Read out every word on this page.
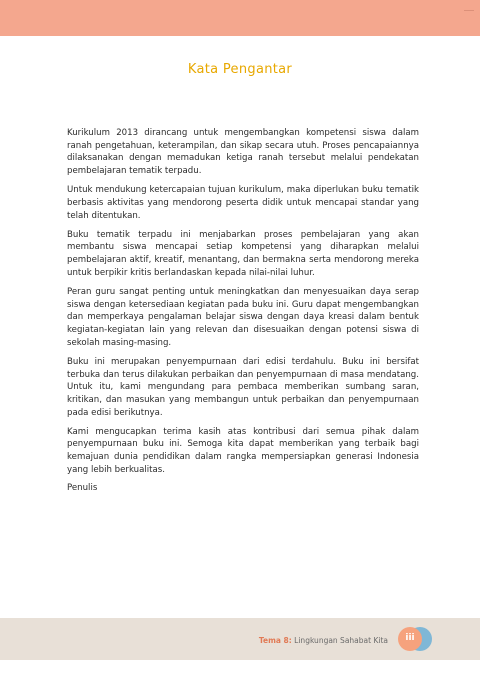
Kata Pengantar

Kurikulum 2013 dirancang untuk mengembangkan kompetensi siswa dalam ranah pengetahuan, keterampilan, dan sikap secara utuh. Proses pencapaiannya dilaksanakan dengan memadukan ketiga ranah tersebut melalui pendekatan pembelajaran tematik terpadu.

Untuk mendukung ketercapaian tujuan kurikulum, maka diperlukan buku tematik berbasis aktivitas yang mendorong peserta didik untuk mencapai standar yang telah ditentukan.

Buku tematik terpadu ini menjabarkan proses pembelajaran yang akan membantu siswa mencapai setiap kompetensi yang diharapkan melalui pembelajaran aktif, kreatif, menantang, dan bermakna serta mendorong mereka untuk berpikir kritis berlandaskan kepada nilai-nilai luhur.

Peran guru sangat penting untuk meningkatkan dan menyesuaikan daya serap siswa dengan ketersediaan kegiatan pada buku ini. Guru dapat mengembangkan dan memperkaya pengalaman belajar siswa dengan daya kreasi dalam bentuk kegiatan-kegiatan lain yang relevan dan disesuaikan dengan potensi siswa di sekolah masing-masing.

Buku ini merupakan penyempurnaan dari edisi terdahulu. Buku ini bersifat terbuka dan terus dilakukan perbaikan dan penyempurnaan di masa mendatang. Untuk itu, kami mengundang para pembaca memberikan sumbang saran, kritikan, dan masukan yang membangun untuk perbaikan dan penyempurnaan pada edisi berikutnya.

Kami mengucapkan terima kasih atas kontribusi dari semua pihak dalam penyempurnaan buku ini. Semoga kita dapat memberikan yang terbaik bagi kemajuan dunia pendidikan dalam rangka mempersiapkan generasi Indonesia yang lebih berkualitas.

Penulis
Tema 8: Lingkungan Sahabat Kita	iii
